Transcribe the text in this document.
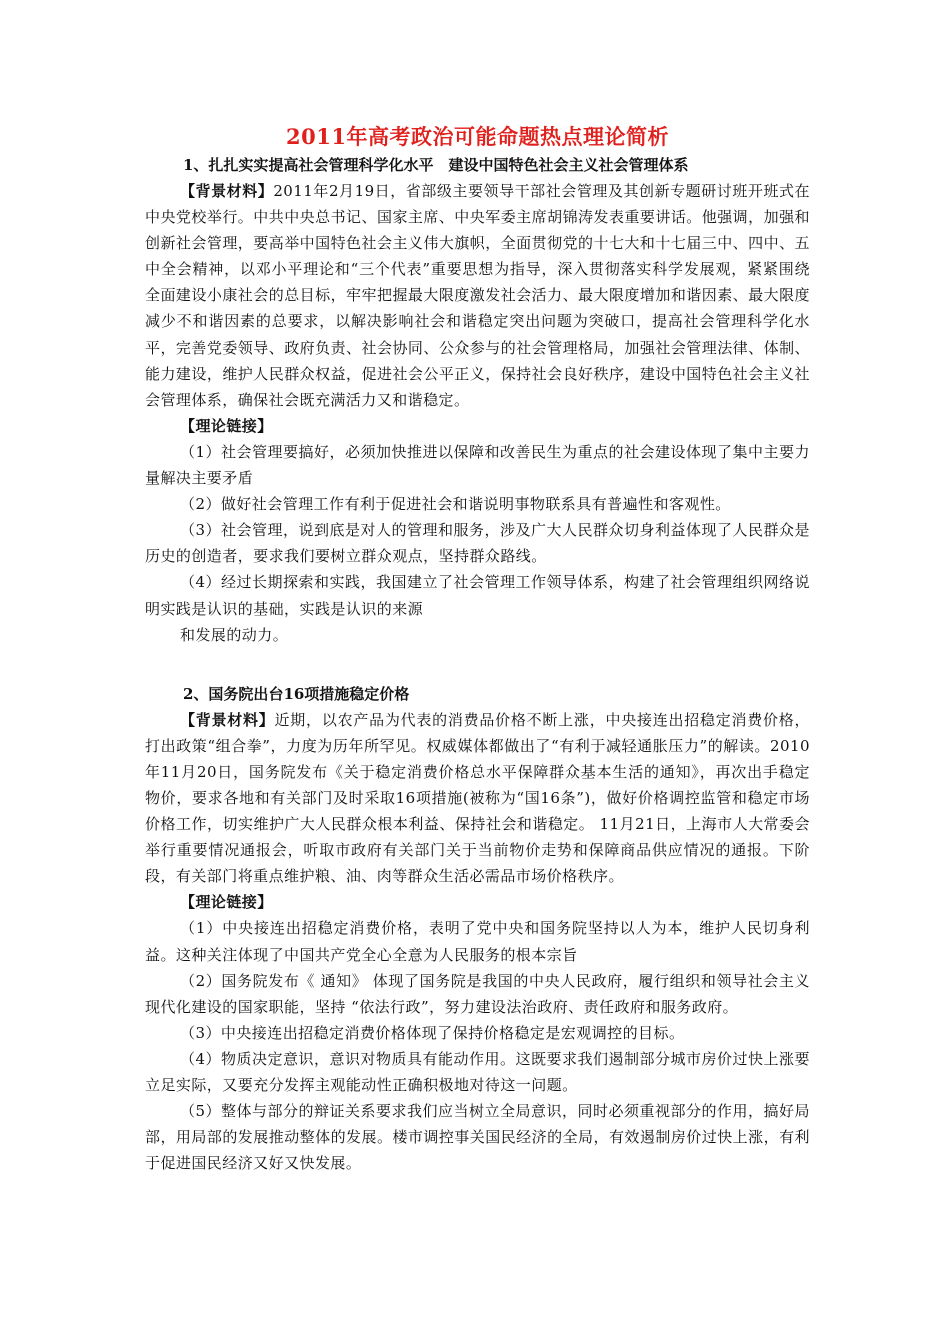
2011年高考政治可能命题热点理论简析

1、扎扎实实提高社会管理科学化水平　建设中国特色社会主义社会管理体系

【背景材料】2011年2月19日，省部级主要领导干部社会管理及其创新专题研讨班开班式在中央党校举行。中共中央总书记、国家主席、中央军委主席胡锦涛发表重要讲话。他强调，加强和创新社会管理，要高举中国特色社会主义伟大旗帜，全面贯彻党的十七大和十七届三中、四中、五中全会精神，以邓小平理论和“三个代表”重要思想为指导，深入贯彻落实科学发展观，紧紧围绕全面建设小康社会的总目标，牢牢把握最大限度激发社会活力、最大限度增加和谐因素、最大限度减少不和谐因素的总要求，以解决影响社会和谐稳定突出问题为突破口，提高社会管理科学化水平，完善党委领导、政府负责、社会协同、公众参与的社会管理格局，加强社会管理法律、体制、能力建设，维护人民群众权益，促进社会公平正义，保持社会良好秩序，建设中国特色社会主义社会管理体系，确保社会既充满活力又和谐稳定。

【理论链接】

（1）社会管理要搞好，必须加快推进以保障和改善民生为重点的社会建设体现了集中主要力量解决主要矛盾

（2）做好社会管理工作有利于促进社会和谐说明事物联系具有普遍性和客观性。

（3）社会管理，说到底是对人的管理和服务，涉及广大人民群众切身利益体现了人民群众是历史的创造者，要求我们要树立群众观点，坚持群众路线。

（4）经过长期探索和实践，我国建立了社会管理工作领导体系，构建了社会管理组织网络说明实践是认识的基础，实践是认识的来源

和发展的动力。

2、国务院出台16项措施稳定价格

【背景材料】近期，以农产品为代表的消费品价格不断上涨，中央接连出招稳定消费价格，打出政策“组合拳”，力度为历年所罕见。权威媒体都做出了“有利于减轻通胀压力”的解读。2010年11月20日，国务院发布《关于稳定消费价格总水平保障群众基本生活的通知》，再次出手稳定物价，要求各地和有关部门及时采取16项措施(被称为“国16条”)，做好价格调控监管和稳定市场价格工作，切实维护广大人民群众根本利益、保持社会和谐稳定。 11月21日，上海市人大常委会举行重要情况通报会，听取市政府有关部门关于当前物价走势和保障商品供应情况的通报。下阶段，有关部门将重点维护粮、油、肉等群众生活必需品市场价格秩序。

【理论链接】

（1）中央接连出招稳定消费价格，表明了党中央和国务院坚持以人为本，维护人民切身利益。这种关注体现了中国共产党全心全意为人民服务的根本宗旨

（2）国务院发布《 通知》 体现了国务院是我国的中央人民政府，履行组织和领导社会主义现代化建设的国家职能，坚持 “依法行政”，努力建设法治政府、责任政府和服务政府。

（3）中央接连出招稳定消费价格体现了保持价格稳定是宏观调控的目标。

（4）物质决定意识，意识对物质具有能动作用。这既要求我们遏制部分城市房价过快上涨要立足实际，又要充分发挥主观能动性正确积极地对待这一问题。

（5）整体与部分的辩证关系要求我们应当树立全局意识，同时必须重视部分的作用，搞好局部，用局部的发展推动整体的发展。楼市调控事关国民经济的全局，有效遏制房价过快上涨，有利于促进国民经济又好又快发展。
